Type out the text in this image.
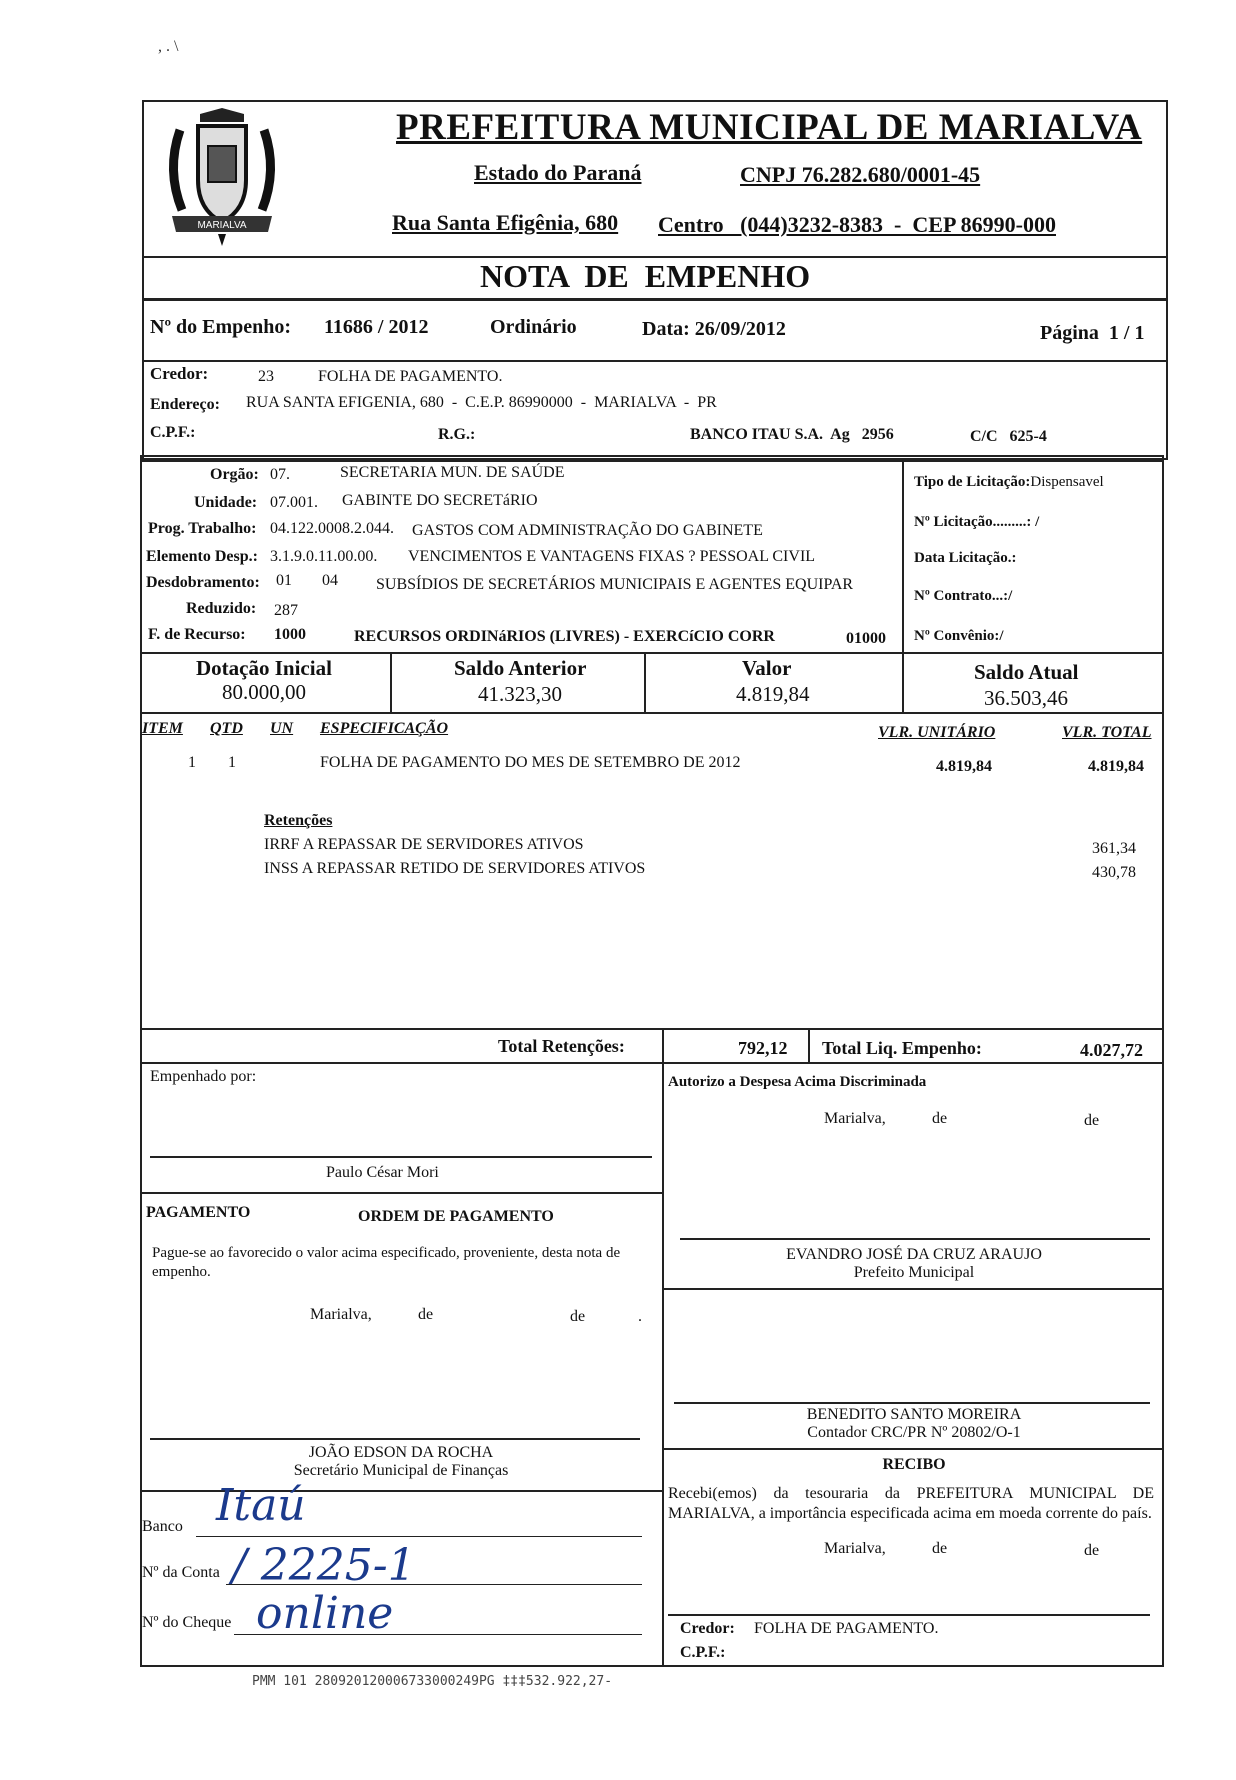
, . \
MARIALVA
PREFEITURA MUNICIPAL DE MARIALVA
Estado do Paraná	CNPJ 76.282.680/0001-45
Rua Santa Efigênia, 680 Centro   (044)3232-8383  -  CEP 86990-000
NOTA  DE  EMPENHO
Nº do Empenho: 11686 / 2012	Ordinário	Data: 26/09/2012	Página  1 / 1
Credor:	23	FOLHA DE PAGAMENTO.
Endereço: RUA SANTA EFIGENIA, 680  -  C.E.P. 86990000  -  MARIALVA  -  PR
C.P.F.:	R.G.:	BANCO ITAU S.A.  Ag   2956	C/C   625-4
Orgão: 07.	SECRETARIA MUN. DE SAÚDE
Unidade: 07.001. GABINTE DO SECRETáRIO
Prog. Trabalho: 04.122.0008.2.044. GASTOS COM ADMINISTRAÇÃO DO GABINETE
Elemento Desp.: 3.1.9.0.11.00.00. VENCIMENTOS E VANTAGENS FIXAS ? PESSOAL CIVIL
Desdobramento: 01 04 SUBSÍDIOS DE SECRETÁRIOS MUNICIPAIS E AGENTES EQUIPAR
Reduzido: 287
F. de Recurso: 1000	RECURSOS ORDINáRIOS (LIVRES) - EXERCíCIO CORR	01000
Tipo de Licitação:Dispensavel
Nº Licitação.........: /
Data Licitação.:
Nº Contrato...:/
Nº Convênio:/
Dotação Inicial
80.000,00
Saldo Anterior
41.323,30
Valor
4.819,84
Saldo Atual
36.503,46
ITEM QTD UN ESPECIFICAÇÃO	VLR. UNITÁRIO	VLR. TOTAL
1 1	FOLHA DE PAGAMENTO DO MES DE SETEMBRO DE 2012	4.819,84	4.819,84
Retenções
IRRF A REPASSAR DE SERVIDORES ATIVOS	361,34
INSS A REPASSAR RETIDO DE SERVIDORES ATIVOS	430,78
Total Retenções:	792,12 Total Liq. Empenho:	4.027,72
Empenhado por:
Paulo César Mori
Autorizo a Despesa Acima Discriminada
Marialva,	de	de
PAGAMENTO	ORDEM DE PAGAMENTO
Pague-se ao favorecido o valor acima especificado, proveniente, desta nota de empenho.
Marialva,	de	de	.
EVANDRO JOSÉ DA CRUZ ARAUJO
Prefeito Municipal
BENEDITO SANTO MOREIRA
Contador CRC/PR Nº 20802/O-1
JOÃO EDSON DA ROCHA
Secretário Municipal de Finanças	RECIBO
Recebi(emos) da tesouraria da PREFEITURA MUNICIPAL DE MARIALVA, a importância especificada acima em moeda corrente do país.
Marialva,	de	de
Credor: FOLHA DE PAGAMENTO.
C.P.F.:
Banco Itaú
Nº da Conta / 2225-1
Nº do Cheque online
PMM 101 280920120006733000249PG ‡‡‡532.922,27-
